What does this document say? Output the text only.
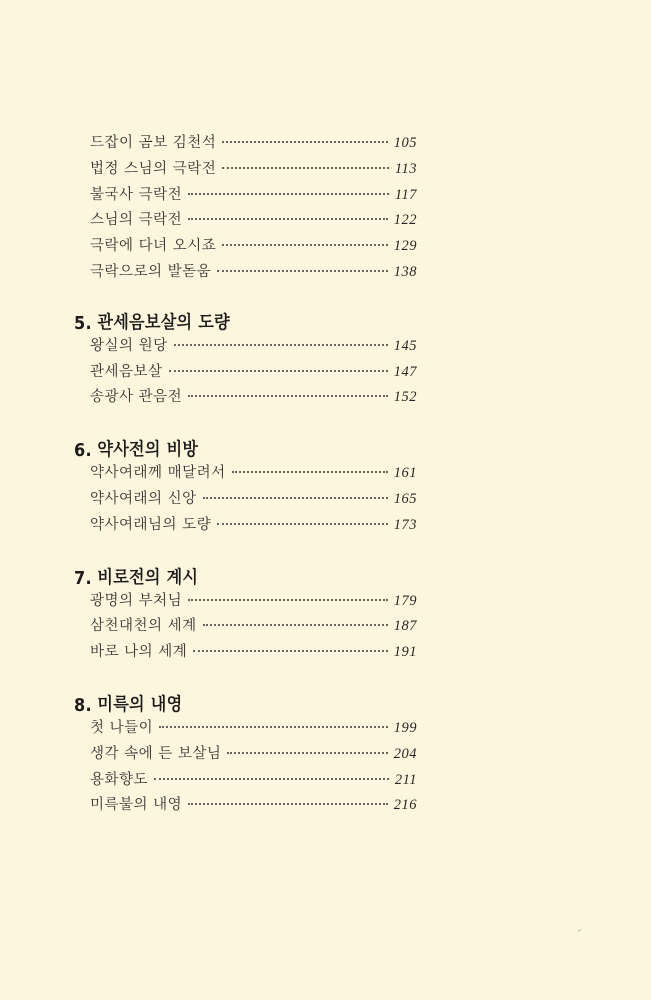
드잡이 곰보 김천석	105
법정 스님의 극락전	113
불국사 극락전	117
스님의 극락전	122
극락에 다녀 오시죠	129
극락으로의 발돋움	138
5. 관세음보살의 도량
왕실의 원당	145
관세음보살	147
송광사 관음전	152
6. 약사전의 비방
약사여래께 매달려서	161
약사여래의 신앙	165
약사여래님의 도량	173
7. 비로전의 계시
광명의 부처님	179
삼천대천의 세계	187
바로 나의 세계	191
8. 미륵의 내영
첫 나들이	199
생각 속에 든 보살님	204
용화향도	211
미륵불의 내영	216
